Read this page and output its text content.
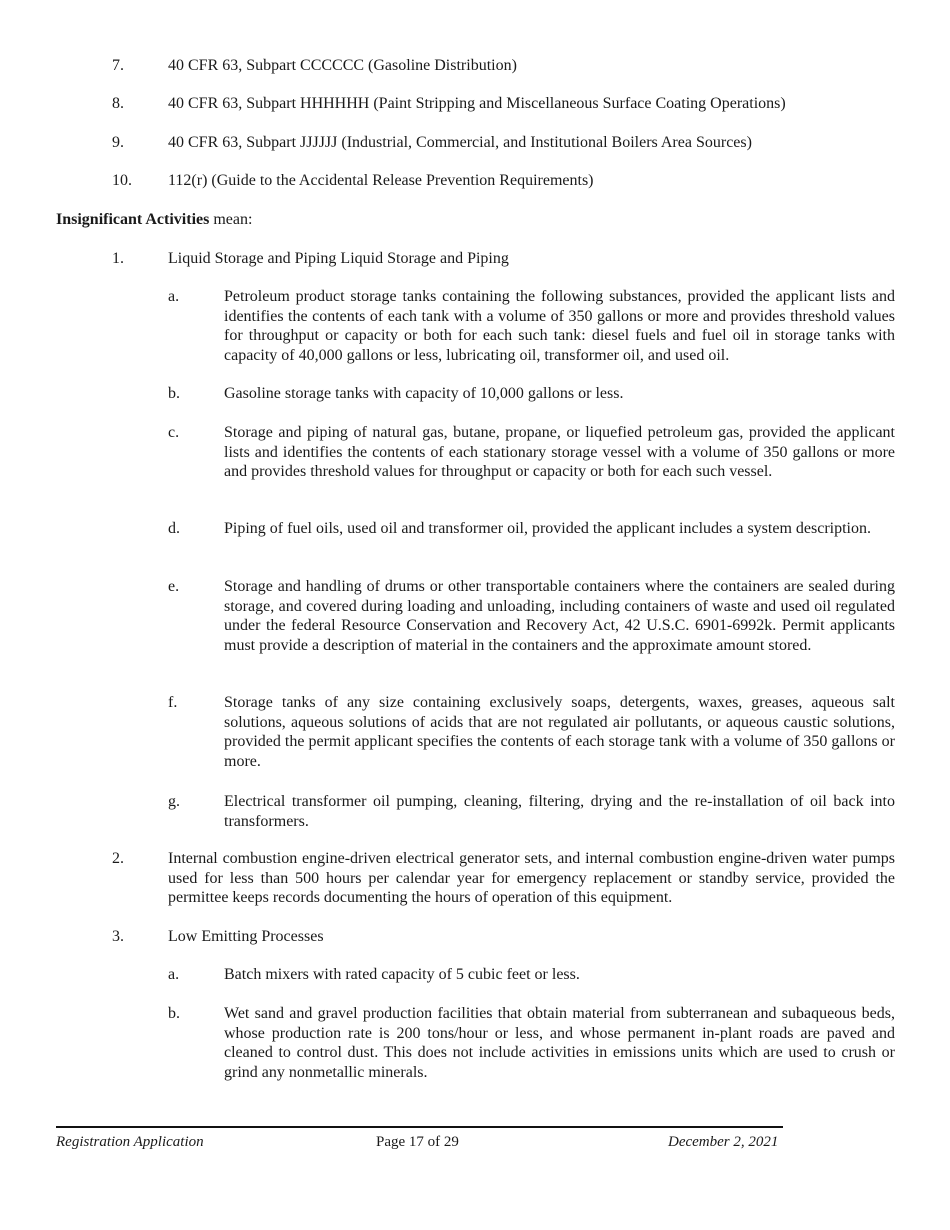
7.	40 CFR 63, Subpart CCCCCC (Gasoline Distribution)
8.	40 CFR 63, Subpart HHHHHH (Paint Stripping and Miscellaneous Surface Coating Operations)
9.	40 CFR 63, Subpart JJJJJJ (Industrial, Commercial, and Institutional Boilers Area Sources)
10. 112(r) (Guide to the Accidental Release Prevention Requirements)
Insignificant Activities mean:
1.	Liquid Storage and Piping Liquid Storage and Piping
a.	Petroleum product storage tanks containing the following substances, provided the applicant lists and identifies the contents of each tank with a volume of 350 gallons or more and provides threshold values for throughput or capacity or both for each such tank: diesel fuels and fuel oil in storage tanks with capacity of 40,000 gallons or less, lubricating oil, transformer oil, and used oil.
b.	Gasoline storage tanks with capacity of 10,000 gallons or less.
c.	Storage and piping of natural gas, butane, propane, or liquefied petroleum gas, provided the applicant lists and identifies the contents of each stationary storage vessel with a volume of 350 gallons or more and provides threshold values for throughput or capacity or both for each such vessel.
d.	Piping of fuel oils, used oil and transformer oil, provided the applicant includes a system description.
e.	Storage and handling of drums or other transportable containers where the containers are sealed during storage, and covered during loading and unloading, including containers of waste and used oil regulated under the federal Resource Conservation and Recovery Act, 42 U.S.C. 6901-6992k. Permit applicants must provide a description of material in the containers and the approximate amount stored.
f.	Storage tanks of any size containing exclusively soaps, detergents, waxes, greases, aqueous salt solutions, aqueous solutions of acids that are not regulated air pollutants, or aqueous caustic solutions, provided the permit applicant specifies the contents of each storage tank with a volume of 350 gallons or more.
g.	Electrical transformer oil pumping, cleaning, filtering, drying and the re-installation of oil back into transformers.
2.	Internal combustion engine-driven electrical generator sets, and internal combustion engine-driven water pumps used for less than 500 hours per calendar year for emergency replacement or standby service, provided the permittee keeps records documenting the hours of operation of this equipment.
3.	Low Emitting Processes
a.	Batch mixers with rated capacity of 5 cubic feet or less.
b.	Wet sand and gravel production facilities that obtain material from subterranean and subaqueous beds, whose production rate is 200 tons/hour or less, and whose permanent in-plant roads are paved and cleaned to control dust. This does not include activities in emissions units which are used to crush or grind any nonmetallic minerals.
Registration Application	Page 17 of 29	December 2, 2021
